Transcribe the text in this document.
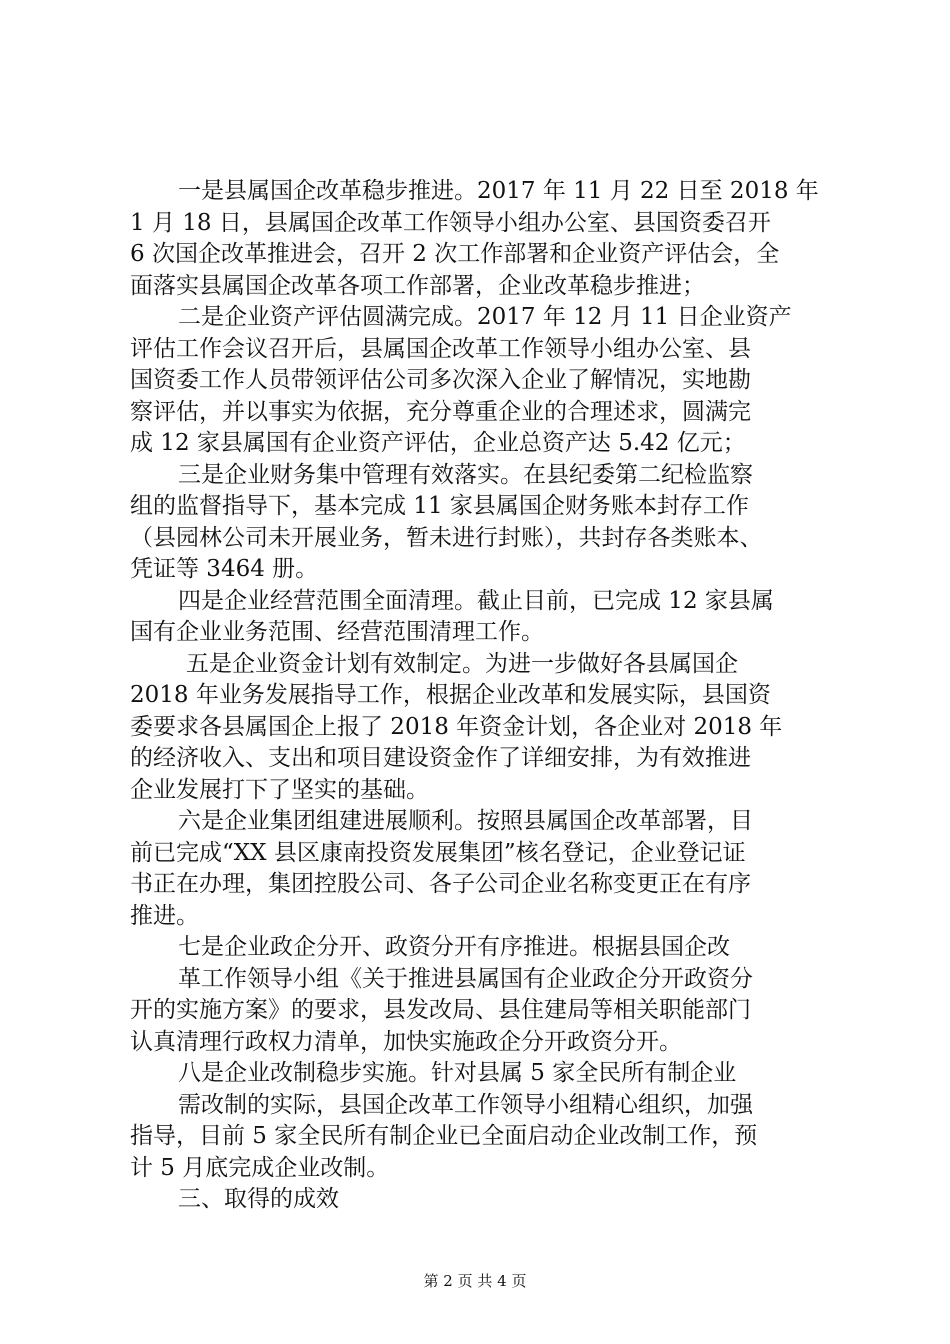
一是县属国企改革稳步推进。2017 年 11 月 22 日至 2018 年
1 月 18 日，县属国企改革工作领导小组办公室、县国资委召开
6 次国企改革推进会，召开 2 次工作部署和企业资产评估会，全
面落实县属国企改革各项工作部署，企业改革稳步推进；
二是企业资产评估圆满完成。2017 年 12 月 11 日企业资产
评估工作会议召开后，县属国企改革工作领导小组办公室、县
国资委工作人员带领评估公司多次深入企业了解情况，实地勘
察评估，并以事实为依据，充分尊重企业的合理述求，圆满完
成 12 家县属国有企业资产评估，企业总资产达 5.42 亿元；
三是企业财务集中管理有效落实。在县纪委第二纪检监察
组的监督指导下，基本完成 11 家县属国企财务账本封存工作
（县园林公司未开展业务，暂未进行封账），共封存各类账本、
凭证等 3464 册。
四是企业经营范围全面清理。截止目前，已完成 12 家县属
国有企业业务范围、经营范围清理工作。
五是企业资金计划有效制定。为进一步做好各县属国企
2018 年业务发展指导工作，根据企业改革和发展实际，县国资
委要求各县属国企上报了 2018 年资金计划，各企业对 2018 年
的经济收入、支出和项目建设资金作了详细安排，为有效推进
企业发展打下了坚实的基础。
六是企业集团组建进展顺利。按照县属国企改革部署，目
前已完成“XX 县区康南投资发展集团”核名登记，企业登记证
书正在办理，集团控股公司、各子公司企业名称变更正在有序
推进。
七是企业政企分开、政资分开有序推进。根据县国企改
革工作领导小组《关于推进县属国有企业政企分开政资分
开的实施方案》的要求，县发改局、县住建局等相关职能部门
认真清理行政权力清单，加快实施政企分开政资分开。
八是企业改制稳步实施。针对县属 5 家全民所有制企业
需改制的实际，县国企改革工作领导小组精心组织，加强
指导，目前 5 家全民所有制企业已全面启动企业改制工作，预
计 5 月底完成企业改制。
三、取得的成效
第 2 页 共 4 页
